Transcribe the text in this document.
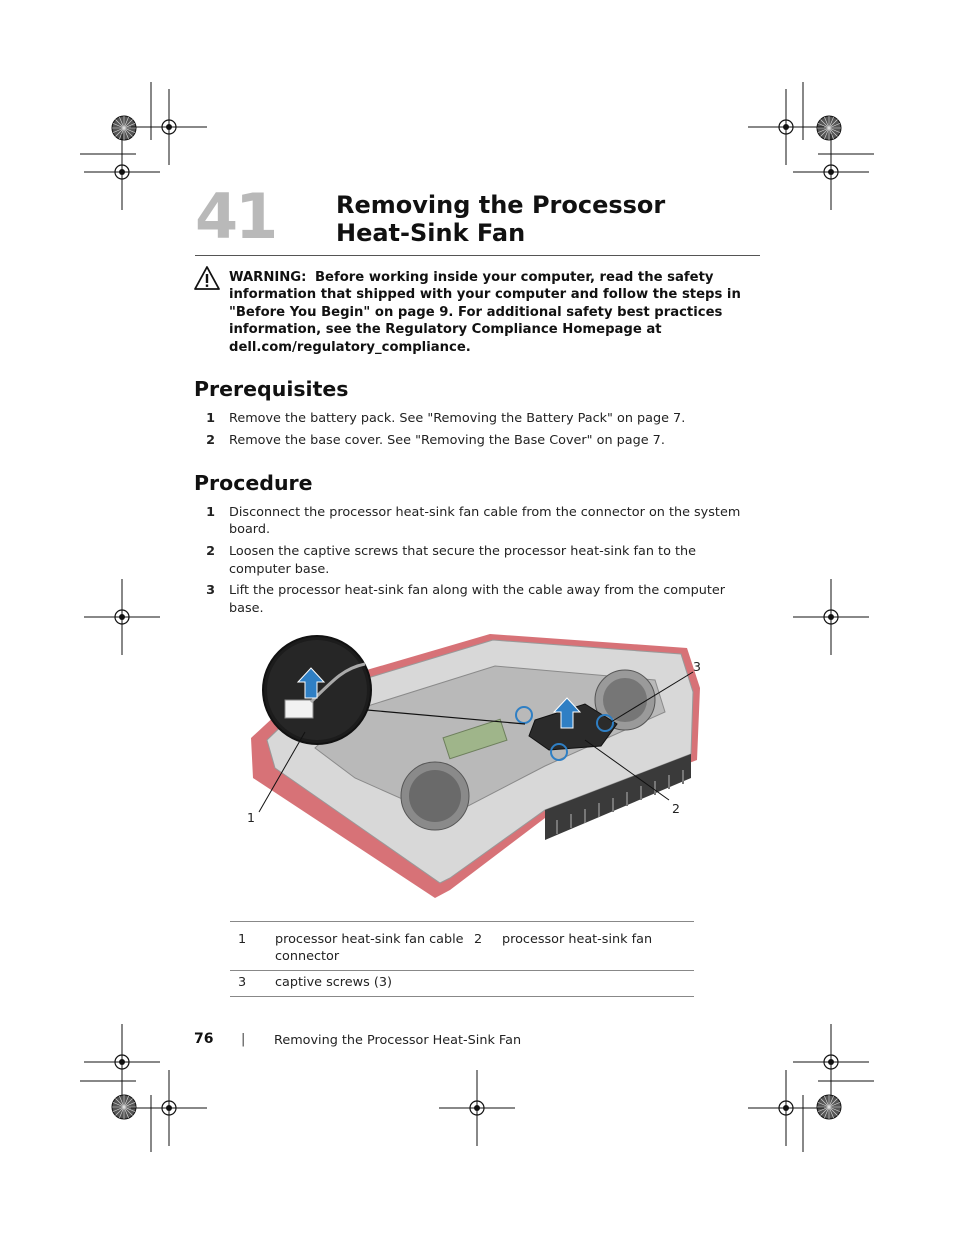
41	Removing the Processor
Heat-Sink Fan
WARNING: Before working inside your computer, read the safety information that shipped with your computer and follow the steps in "Before You Begin" on page 9. For additional safety best practices information, see the Regulatory Compliance Homepage at dell.com/regulatory_compliance.
Prerequisites
1 Remove the battery pack. See "Removing the Battery Pack" on page 7.
2 Remove the base cover. See "Removing the Base Cover" on page 7.
Procedure
1 Disconnect the processor heat-sink fan cable from the connector on the system board.
2 Loosen the captive screws that secure the processor heat-sink fan to the computer base.
3 Lift the processor heat-sink fan along with the cable away from the computer base.
1
2
3
1	processor heat-sink fan cable connector	2	processor heat-sink fan
3	captive screws (3)		
76 | Removing the Processor Heat-Sink Fan
